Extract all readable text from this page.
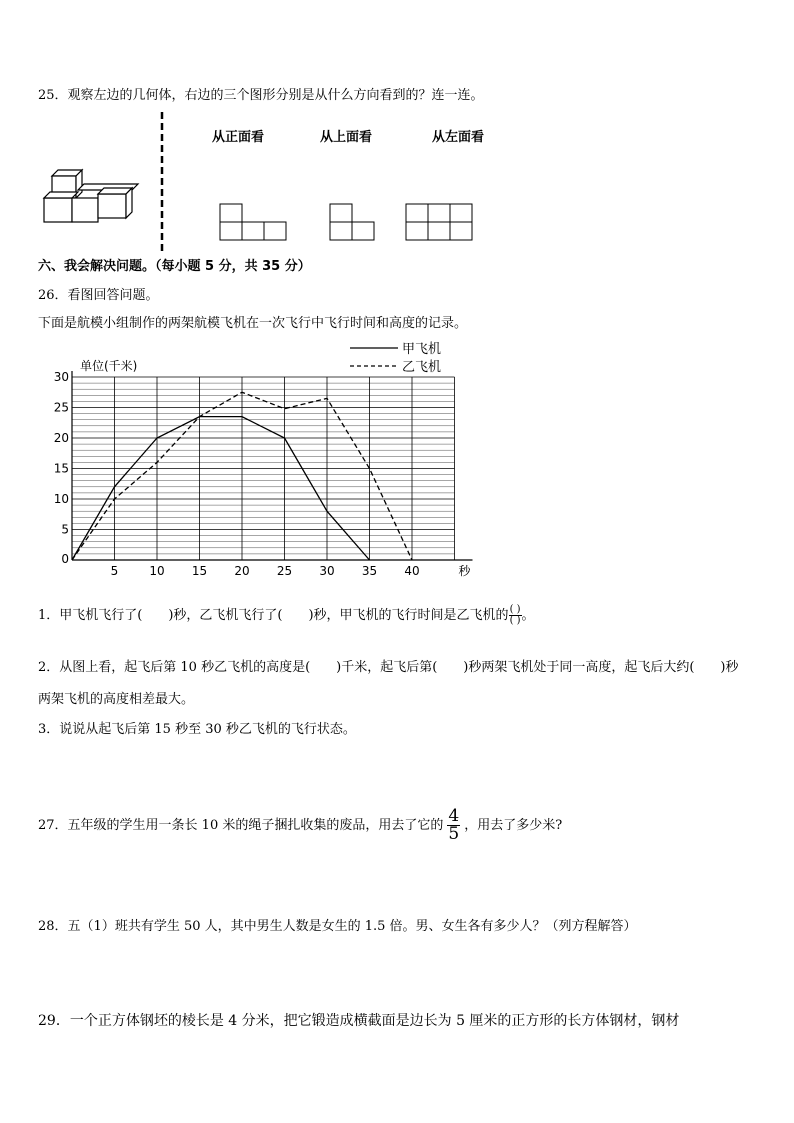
25．观察左边的几何体，右边的三个图形分别是从什么方向看到的？连一连。
从正面看	从上面看	从左面看
六、我会解决问题。（每小题 5 分，共 35 分）
26．看图回答问题。
下面是航模小组制作的两架航模飞机在一次飞行中飞行时间和高度的记录。
5	10 15 20 25 30 35 40
5
10
15
20
25
30
0
秒
单位(千米)
甲飞机
乙飞机
1．甲飞机飞行了(　　)秒，乙飞机飞行了(　　)秒，甲飞机的飞行时间是乙飞机的 $\frac{( )}{( )}$ 。
2．从图上看，起飞后第 10 秒乙飞机的高度是(　　)千米，起飞后第(　　)秒两架飞机处于同一高度，起飞后大约(　　)秒
两架飞机的高度相差最大。
3．说说从起飞后第 15 秒至 30 秒乙飞机的飞行状态。
27．五年级的学生用一条长 10 米的绳子捆扎收集的废品，用去了它的 $\frac{4}{5}$ ，用去了多少米?
28．五（1）班共有学生 50 人，其中男生人数是女生的 1.5 倍。男、女生各有多少人？（列方程解答）
29．一个正方体钢坯的棱长是 4 分米，把它锻造成横截面是边长为 5 厘米的正方形的长方体钢材，钢材
